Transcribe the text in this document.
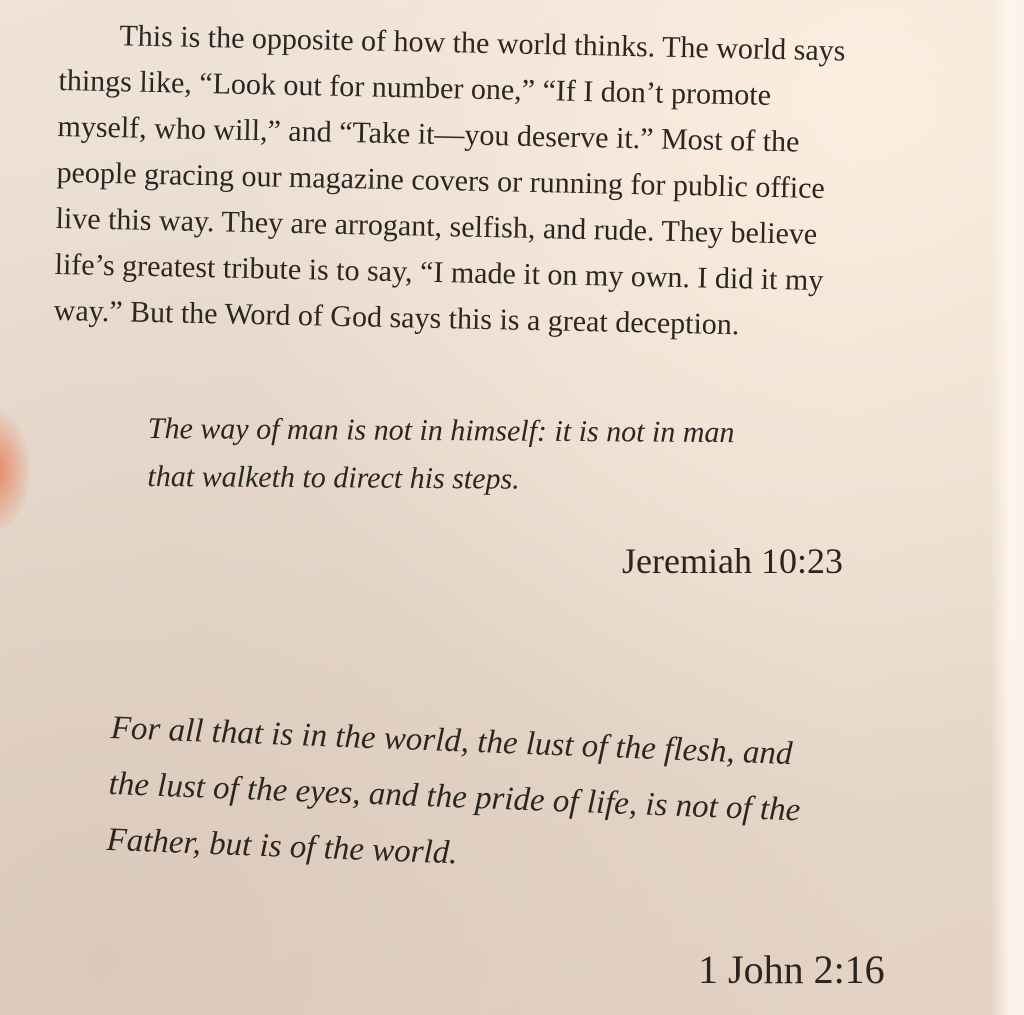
This is the opposite of how the world thinks. The world says
things like, “Look out for number one,” “If I don’t promote
myself, who will,” and “Take it—you deserve it.” Most of the
people gracing our magazine covers or running for public office
live this way. They are arrogant, selfish, and rude. They believe
life’s greatest tribute is to say, “I made it on my own. I did it my
way.” But the Word of God says this is a great deception.
The way of man is not in himself: it is not in man
that walketh to direct his steps.
Jeremiah 10:23
For all that is in the world, the lust of the flesh, and
the lust of the eyes, and the pride of life, is not of the
Father, but is of the world.
1 John 2:16
